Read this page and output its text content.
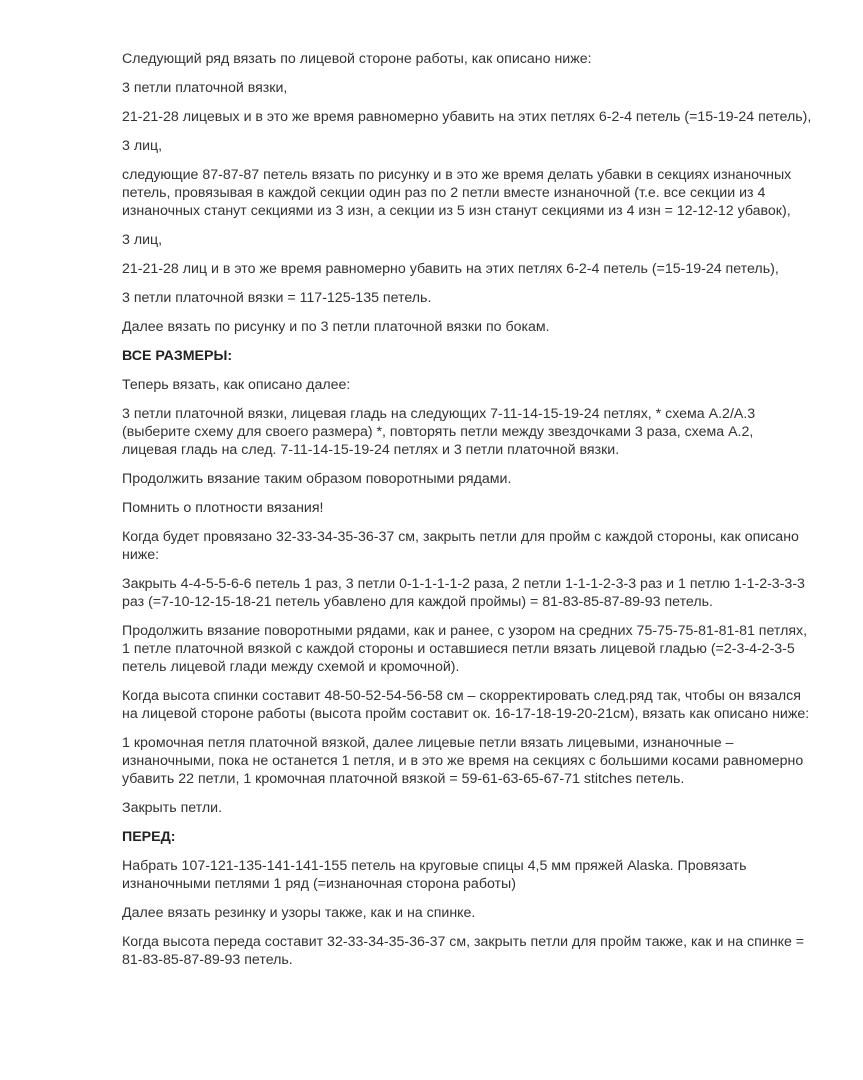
Следующий ряд вязать по лицевой стороне работы, как описано ниже:

3 петли платочной вязки,

21-21-28 лицевых и в это же время равномерно убавить на этих петлях 6-2-4 петель (=15-19-24 петель),

3 лиц,

следующие 87-87-87 петель вязать по рисунку и в это же время делать убавки в секциях изнаночных петель, провязывая в каждой секции один раз по 2 петли вместе изнаночной (т.е. все секции из 4 изнаночных станут секциями из 3 изн, а секции из 5 изн станут секциями из 4 изн = 12-12-12 убавок),

3 лиц,

21-21-28 лиц и в это же время равномерно убавить на этих петлях 6-2-4 петель (=15-19-24 петель),

3 петли платочной вязки = 117-125-135 петель.

Далее вязать по рисунку и по 3 петли платочной вязки по бокам.

ВСЕ РАЗМЕРЫ:

Теперь вязать, как описано далее:

3 петли платочной вязки, лицевая гладь на следующих 7-11-14-15-19-24 петлях, * схема А.2/А.3 (выберите схему для своего размера) *, повторять петли между звездочками 3 раза, схема А.2, лицевая гладь на след. 7-11-14-15-19-24 петлях и 3 петли платочной вязки.

Продолжить вязание таким образом поворотными рядами.

Помнить о плотности вязания!

Когда будет провязано 32-33-34-35-36-37 см, закрыть петли для пройм с каждой стороны, как описано ниже:

Закрыть 4-4-5-5-6-6 петель 1 раз, 3 петли 0-1-1-1-1-2 раза, 2 петли 1-1-1-2-3-3 раз и 1 петлю 1-1-2-3-3-3 раз (=7-10-12-15-18-21 петель убавлено для каждой проймы) = 81-83-85-87-89-93 петель.

Продолжить вязание поворотными рядами, как и ранее, с узором на средних 75-75-75-81-81-81 петлях, 1 петле платочной вязкой с каждой стороны и оставшиеся петли вязать лицевой гладью (=2-3-4-2-3-5 петель лицевой глади между схемой и кромочной).

Когда высота спинки составит 48-50-52-54-56-58 см – скорректировать след.ряд так, чтобы он вязался на лицевой стороне работы (высота пройм составит ок. 16-17-18-19-20-21см), вязать как описано ниже:

1 кромочная петля платочной вязкой, далее лицевые петли вязать лицевыми, изнаночные – изнаночными, пока не останется 1 петля, и в это же время на секциях с большими косами равномерно убавить 22 петли, 1 кромочная платочной вязкой = 59-61-63-65-67-71 stitches петель.

Закрыть петли.

ПЕРЕД:

Набрать 107-121-135-141-141-155 петель на круговые спицы 4,5 мм пряжей Alaska. Провязать изнаночными петлями 1 ряд (=изнаночная сторона работы)

Далее вязать резинку и узоры также, как и на спинке.

Когда высота переда составит 32-33-34-35-36-37 см, закрыть петли для пройм также, как и на спинке = 81-83-85-87-89-93 петель.
